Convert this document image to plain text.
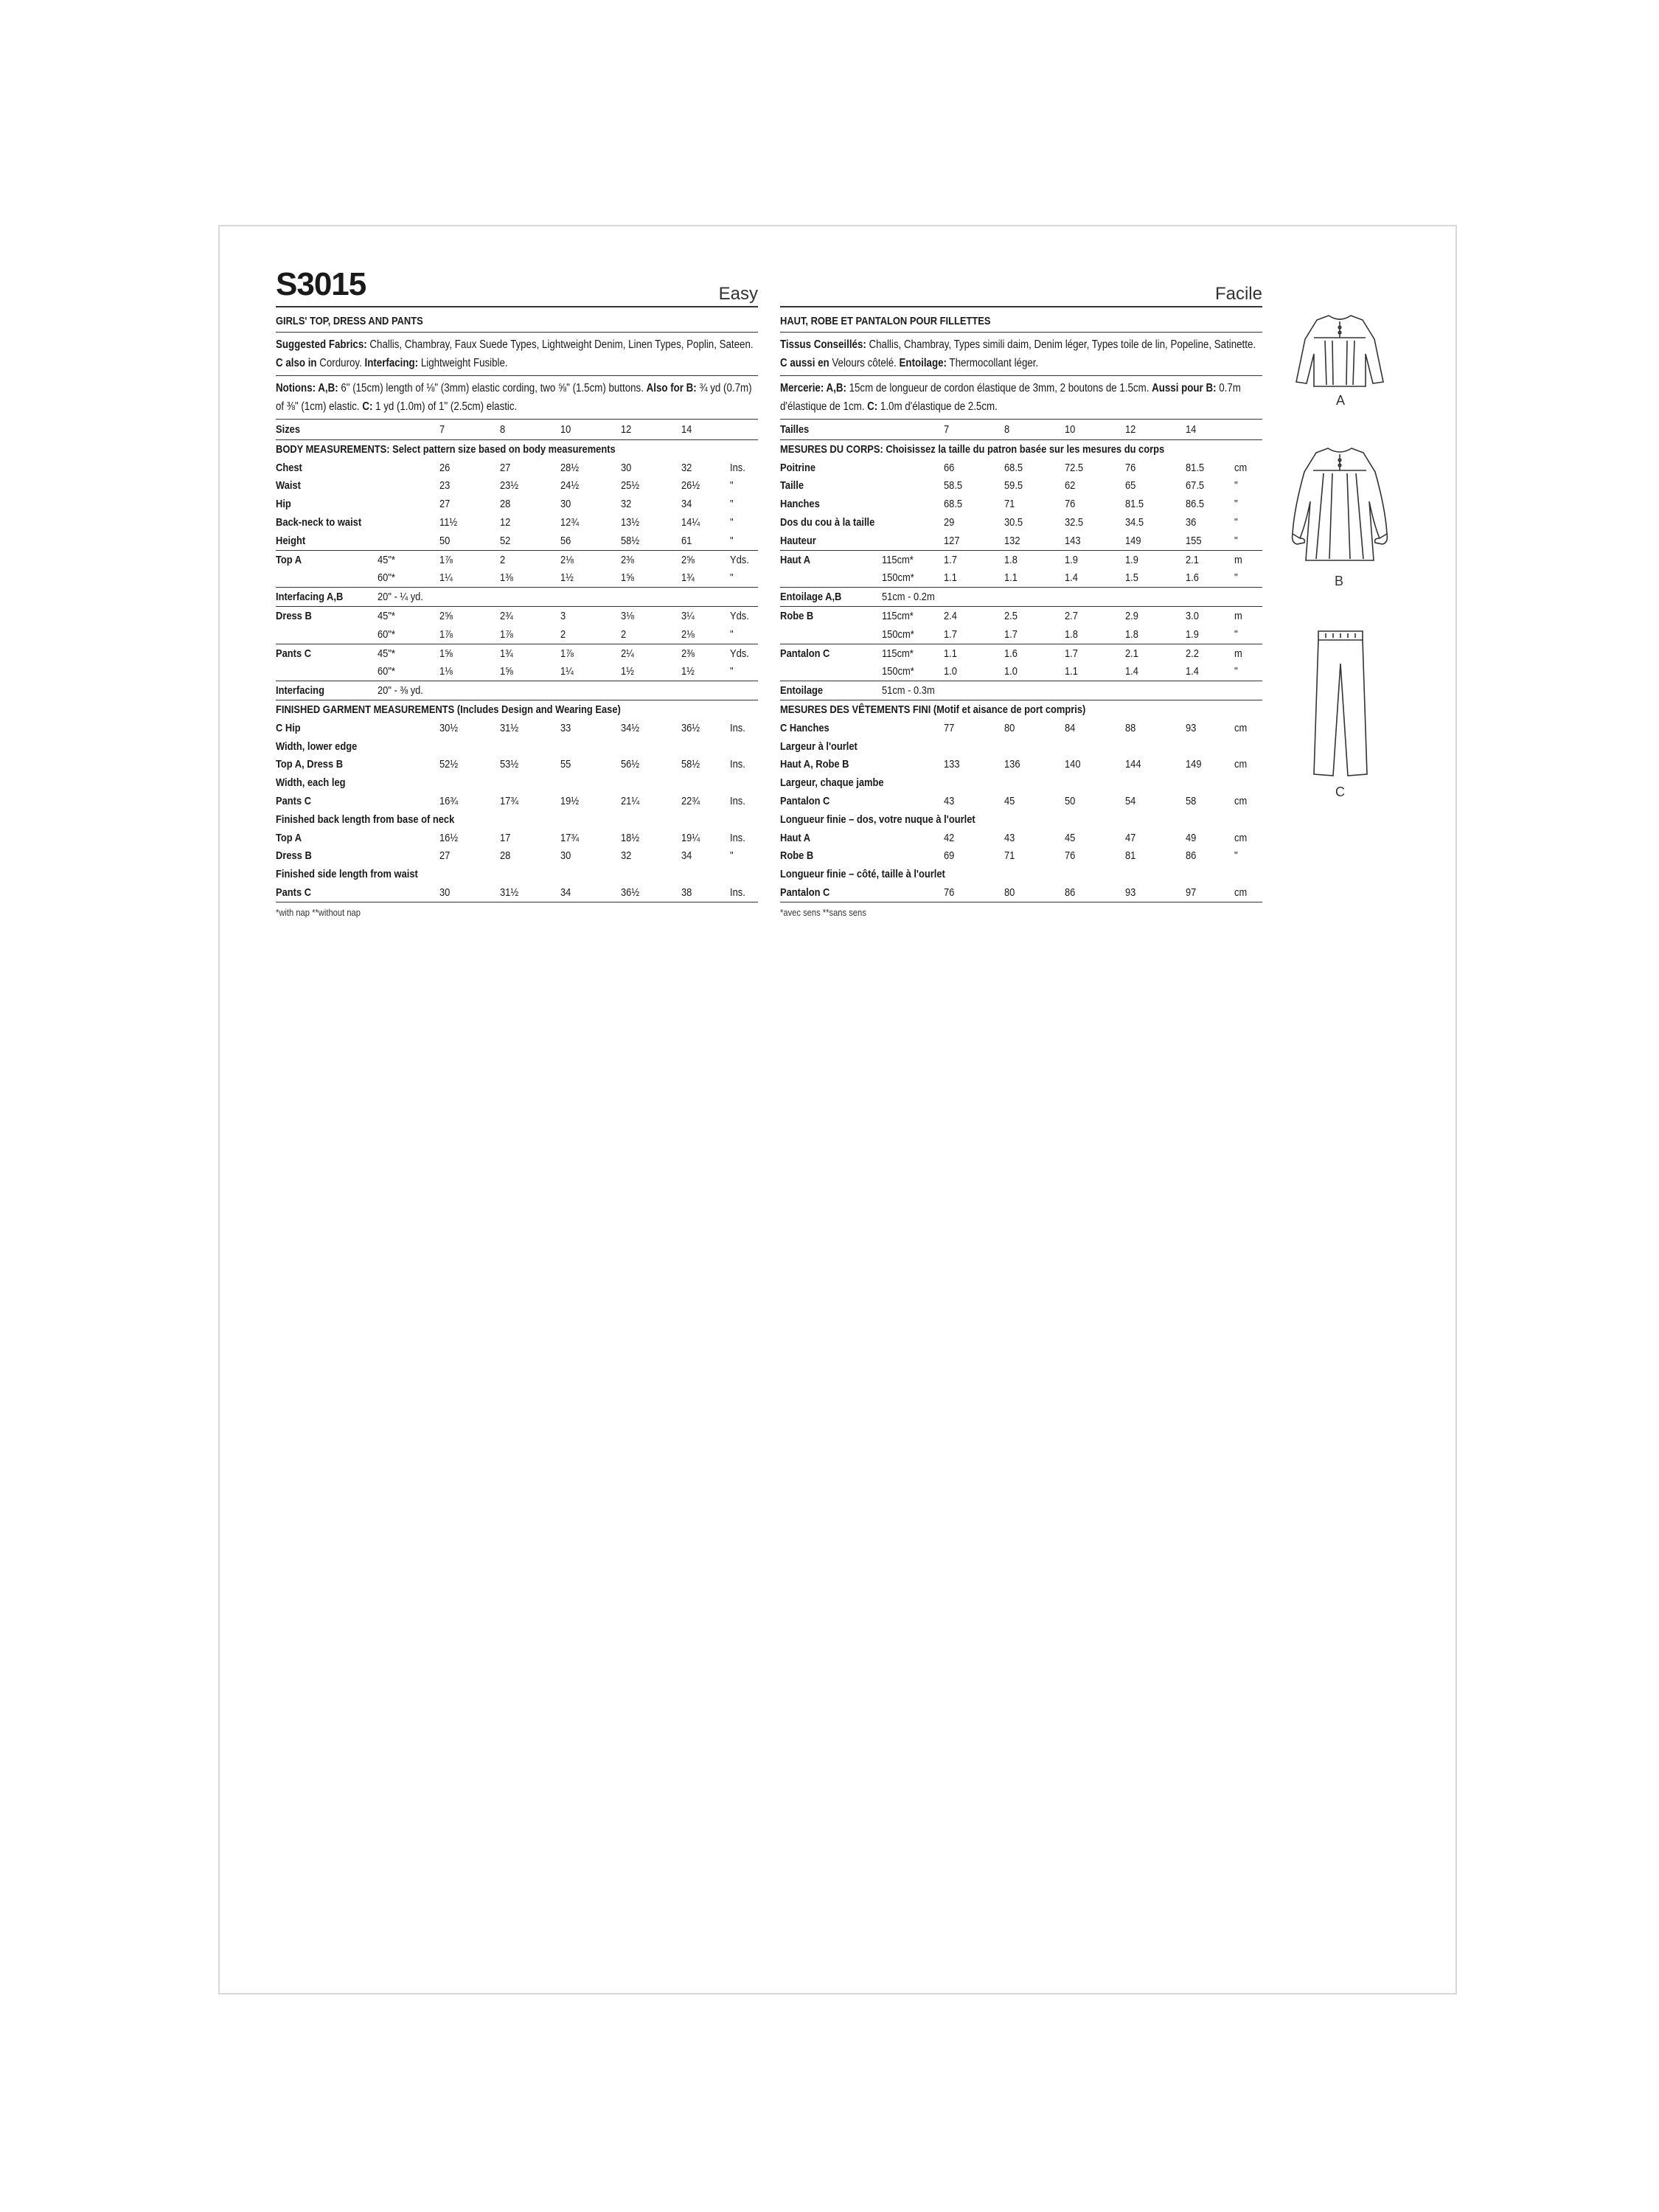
S3015	Easy
GIRLS' TOP, DRESS AND PANTS
Suggested Fabrics: Challis, Chambray, Faux Suede Types, Lightweight Denim, Linen Types, Poplin, Sateen. C also in Corduroy. Interfacing: Lightweight Fusible.
Notions: A,B: 6" (15cm) length of ⅛" (3mm) elastic cording, two ⅝" (1.5cm) buttons. Also for B: ¾ yd (0.7m) of ⅜" (1cm) elastic. C: 1 yd (1.0m) of 1" (2.5cm) elastic.
Sizes		7	8	10	12	14	
BODY MEASUREMENTS: Select pattern size based on body measurements							
Chest		26	27	28½	30	32	Ins.
Waist		23	23½	24½	25½	26½	"
Hip		27	28	30	32	34	"
Back-neck to waist		11½	12	12¾	13½	14¼	"
Height		50	52	56	58½	61	"
Top A	45"*	1⅞	2	2⅛	2⅜	2⅝	Yds.
	60"*	1¼	1⅜	1½	1⅝	1¾	"
Interfacing A,B	20" - ¼ yd.						
Dress B	45"*	2⅝	2¾	3	3⅛	3¼	Yds.
	60"*	1⅞	1⅞	2	2	2⅛	"
Pants C	45"*	1⅝	1¾	1⅞	2¼	2⅜	Yds.
	60"*	1⅛	1⅝	1¼	1½	1½	"
Interfacing	20" - ⅜ yd.						
FINISHED GARMENT MEASUREMENTS (Includes Design and Wearing Ease)							
C Hip		30½	31½	33	34½	36½	Ins.
Width, lower edge							
Top A, Dress B		52½	53½	55	56½	58½	Ins.
Width, each leg							
Pants C		16¾	17¾	19½	21¼	22¾	Ins.
Finished back length from base of neck							
Top A		16½	17	17¾	18½	19¼	Ins.
Dress B		27	28	30	32	34	"
Finished side length from waist							
Pants C		30	31½	34	36½	38	Ins.
*with nap **without nap
Facile
HAUT, ROBE ET PANTALON POUR FILLETTES
Tissus Conseillés: Challis, Chambray, Types simili daim, Denim léger, Types toile de lin, Popeline, Satinette. C aussi en Velours côtelé. Entoilage: Thermocollant léger.
Mercerie: A,B: 15cm de longueur de cordon élastique de 3mm, 2 boutons de 1.5cm. Aussi pour B: 0.7m d'élastique de 1cm. C: 1.0m d'élastique de 2.5cm.
Tailles		7	8	10	12	14	
MESURES DU CORPS: Choisissez la taille du patron basée sur les mesures du corps							
Poitrine		66	68.5	72.5	76	81.5	cm
Taille		58.5	59.5	62	65	67.5	"
Hanches		68.5	71	76	81.5	86.5	"
Dos du cou à la taille		29	30.5	32.5	34.5	36	"
Hauteur		127	132	143	149	155	"
Haut A	115cm*	1.7	1.8	1.9	1.9	2.1	m
	150cm*	1.1	1.1	1.4	1.5	1.6	"
Entoilage A,B	51cm - 0.2m						
Robe B	115cm*	2.4	2.5	2.7	2.9	3.0	m
	150cm*	1.7	1.7	1.8	1.8	1.9	"
Pantalon C	115cm*	1.1	1.6	1.7	2.1	2.2	m
	150cm*	1.0	1.0	1.1	1.4	1.4	"
Entoilage	51cm - 0.3m						
MESURES DES VÊTEMENTS FINI (Motif et aisance de port compris)							
C Hanches		77	80	84	88	93	cm
Largeur à l'ourlet							
Haut A, Robe B		133	136	140	144	149	cm
Largeur, chaque jambe							
Pantalon C		43	45	50	54	58	cm
Longueur finie – dos, votre nuque à l'ourlet							
Haut A		42	43	45	47	49	cm
Robe B		69	71	76	81	86	"
Longueur finie – côté, taille à l'ourlet							
Pantalon C		76	80	86	93	97	cm
*avec sens **sans sens
A
B
C
